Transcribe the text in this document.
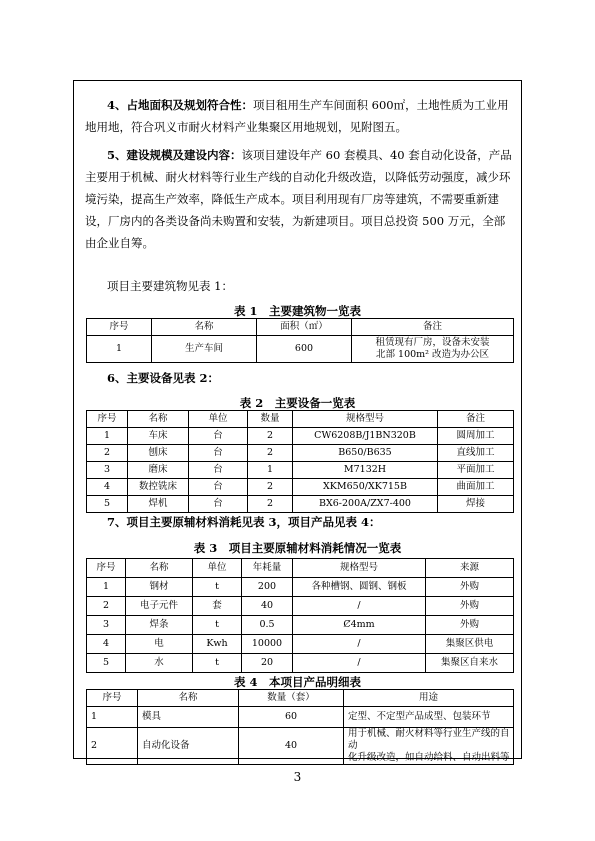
4、占地面积及规划符合性：项目租用生产车间面积 600㎡，土地性质为工业用地用地，符合巩义市耐火材料产业集聚区用地规划，见附图五。

5、建设规模及建设内容：该项目建设年产 60 套模具、40 套自动化设备，产品主要用于机械、耐火材料等行业生产线的自动化升级改造，以降低劳动强度，减少环境污染，提高生产效率，降低生产成本。项目利用现有厂房等建筑，不需要重新建设，厂房内的各类设备尚未购置和安装，为新建项目。项目总投资 500 万元，全部由企业自筹。

项目主要建筑物见表 1：

表 1　主要建筑物一览表

序号	名称	面积（㎡）	备注
1	生产车间	600	租赁现有厂房，设备未安装
北部 100m² 改造为办公区

6、主要设备见表 2：

表 2　主要设备一览表

序号	名称	单位	数量	规格型号	备注
1	车床	台	2	CW6208B/J1BN320B	圆周加工
2	刨床	台	2	B650/B635	直线加工
3	磨床	台	1	M7132H	平面加工
4	数控铣床	台	2	XKM650/XK715B	曲面加工
5	焊机	台	2	BX6-200A/ZX7-400	焊接

7、项目主要原辅材料消耗见表 3，项目产品见表 4：

表 3　项目主要原辅材料消耗情况一览表

序号	名称	单位	年耗量	规格型号	来源
1	钢材	t	200	各种槽钢、圆钢、钢板	外购
2	电子元件	套	40	/	外购
3	焊条	t	0.5	Ȼ4mm	外购
4	电	Kwh	10000	/	集聚区供电
5	水	t	20	/	集聚区自来水

表 4　本项目产品明细表

序号	名称	数量（套）	用途
1	模具	60	定型、不定型产品成型、包装环节
2	自动化设备	40	用于机械、耐火材料等行业生产线的自动
化升级改造，如自动给料、自动出料等
3
